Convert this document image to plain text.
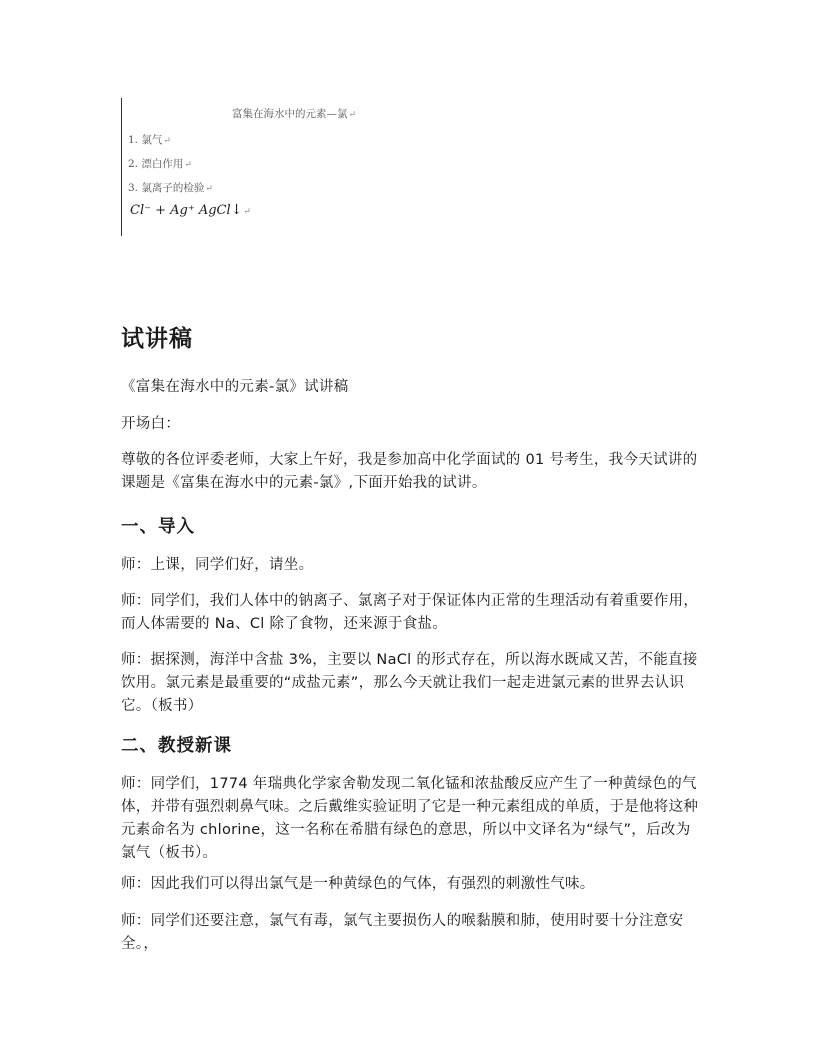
富集在海水中的元素—氯↵
1. 氯气↵
2. 漂白作用↵
3. 氯离子的检验↵
Cl⁻ + Ag⁺ AgCl↓↵
试讲稿

《富集在海水中的元素-氯》试讲稿

开场白：

尊敬的各位评委老师，大家上午好，我是参加高中化学面试的 01 号考生，我今天试讲的课题是《富集在海水中的元素-氯》,下面开始我的试讲。

一、导入

师：上课，同学们好，请坐。

师：同学们，我们人体中的钠离子、氯离子对于保证体内正常的生理活动有着重要作用，而人体需要的 Na、Cl 除了食物，还来源于食盐。

师：据探测，海洋中含盐 3%，主要以 NaCl 的形式存在，所以海水既咸又苦，不能直接饮用。氯元素是最重要的“成盐元素”，那么今天就让我们一起走进氯元素的世界去认识它。（板书）

二、教授新课

师：同学们，1774 年瑞典化学家舍勒发现二氧化锰和浓盐酸反应产生了一种黄绿色的气体，并带有强烈刺鼻气味。之后戴维实验证明了它是一种元素组成的单质，于是他将这种元素命名为 chlorine，这一名称在希腊有绿色的意思，所以中文译名为“绿气”，后改为氯气（板书）。

师：因此我们可以得出氯气是一种黄绿色的气体，有强烈的刺激性气味。

师：同学们还要注意，氯气有毒，氯气主要损伤人的喉黏膜和肺，使用时要十分注意安全。，
